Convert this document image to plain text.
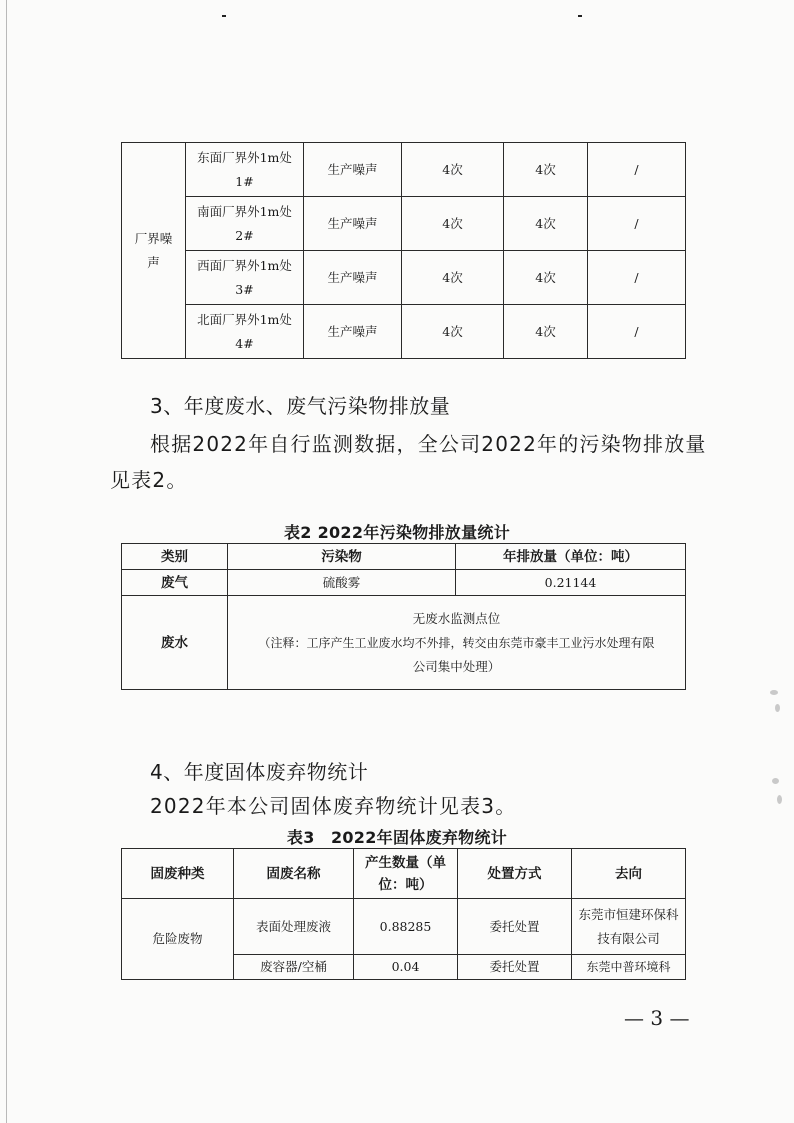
厂界噪声	东面厂界外1m处1#	生产噪声	4次	4次	/
	南面厂界外1m处2#	生产噪声	4次	4次	/
	西面厂界外1m处3#	生产噪声	4次	4次	/
	北面厂界外1m处4#	生产噪声	4次	4次	/
3、年度废水、废气污染物排放量
根据2022年自行监测数据，全公司2022年的污染物排放量
见表2。
表2 2022年污染物排放量统计
类别	污染物	年排放量（单位：吨）
废气	硫酸雾	0.21144
废水	无废水监测点位
（注释：工序产生工业废水均不外排，转交由东莞市豪丰工业污水处理有限
公司集中处理）	
4、年度固体废弃物统计
2022年本公司固体废弃物统计见表3。
表3　2022年固体废弃物统计
固废种类	固废名称	产生数量（单位：吨）	处置方式	去向
危险废物	表面处理废液	0.88285	委托处置	东莞市恒建环保科技有限公司
	废容器/空桶	0.04	委托处置	东莞中普环境科
— 3 —
